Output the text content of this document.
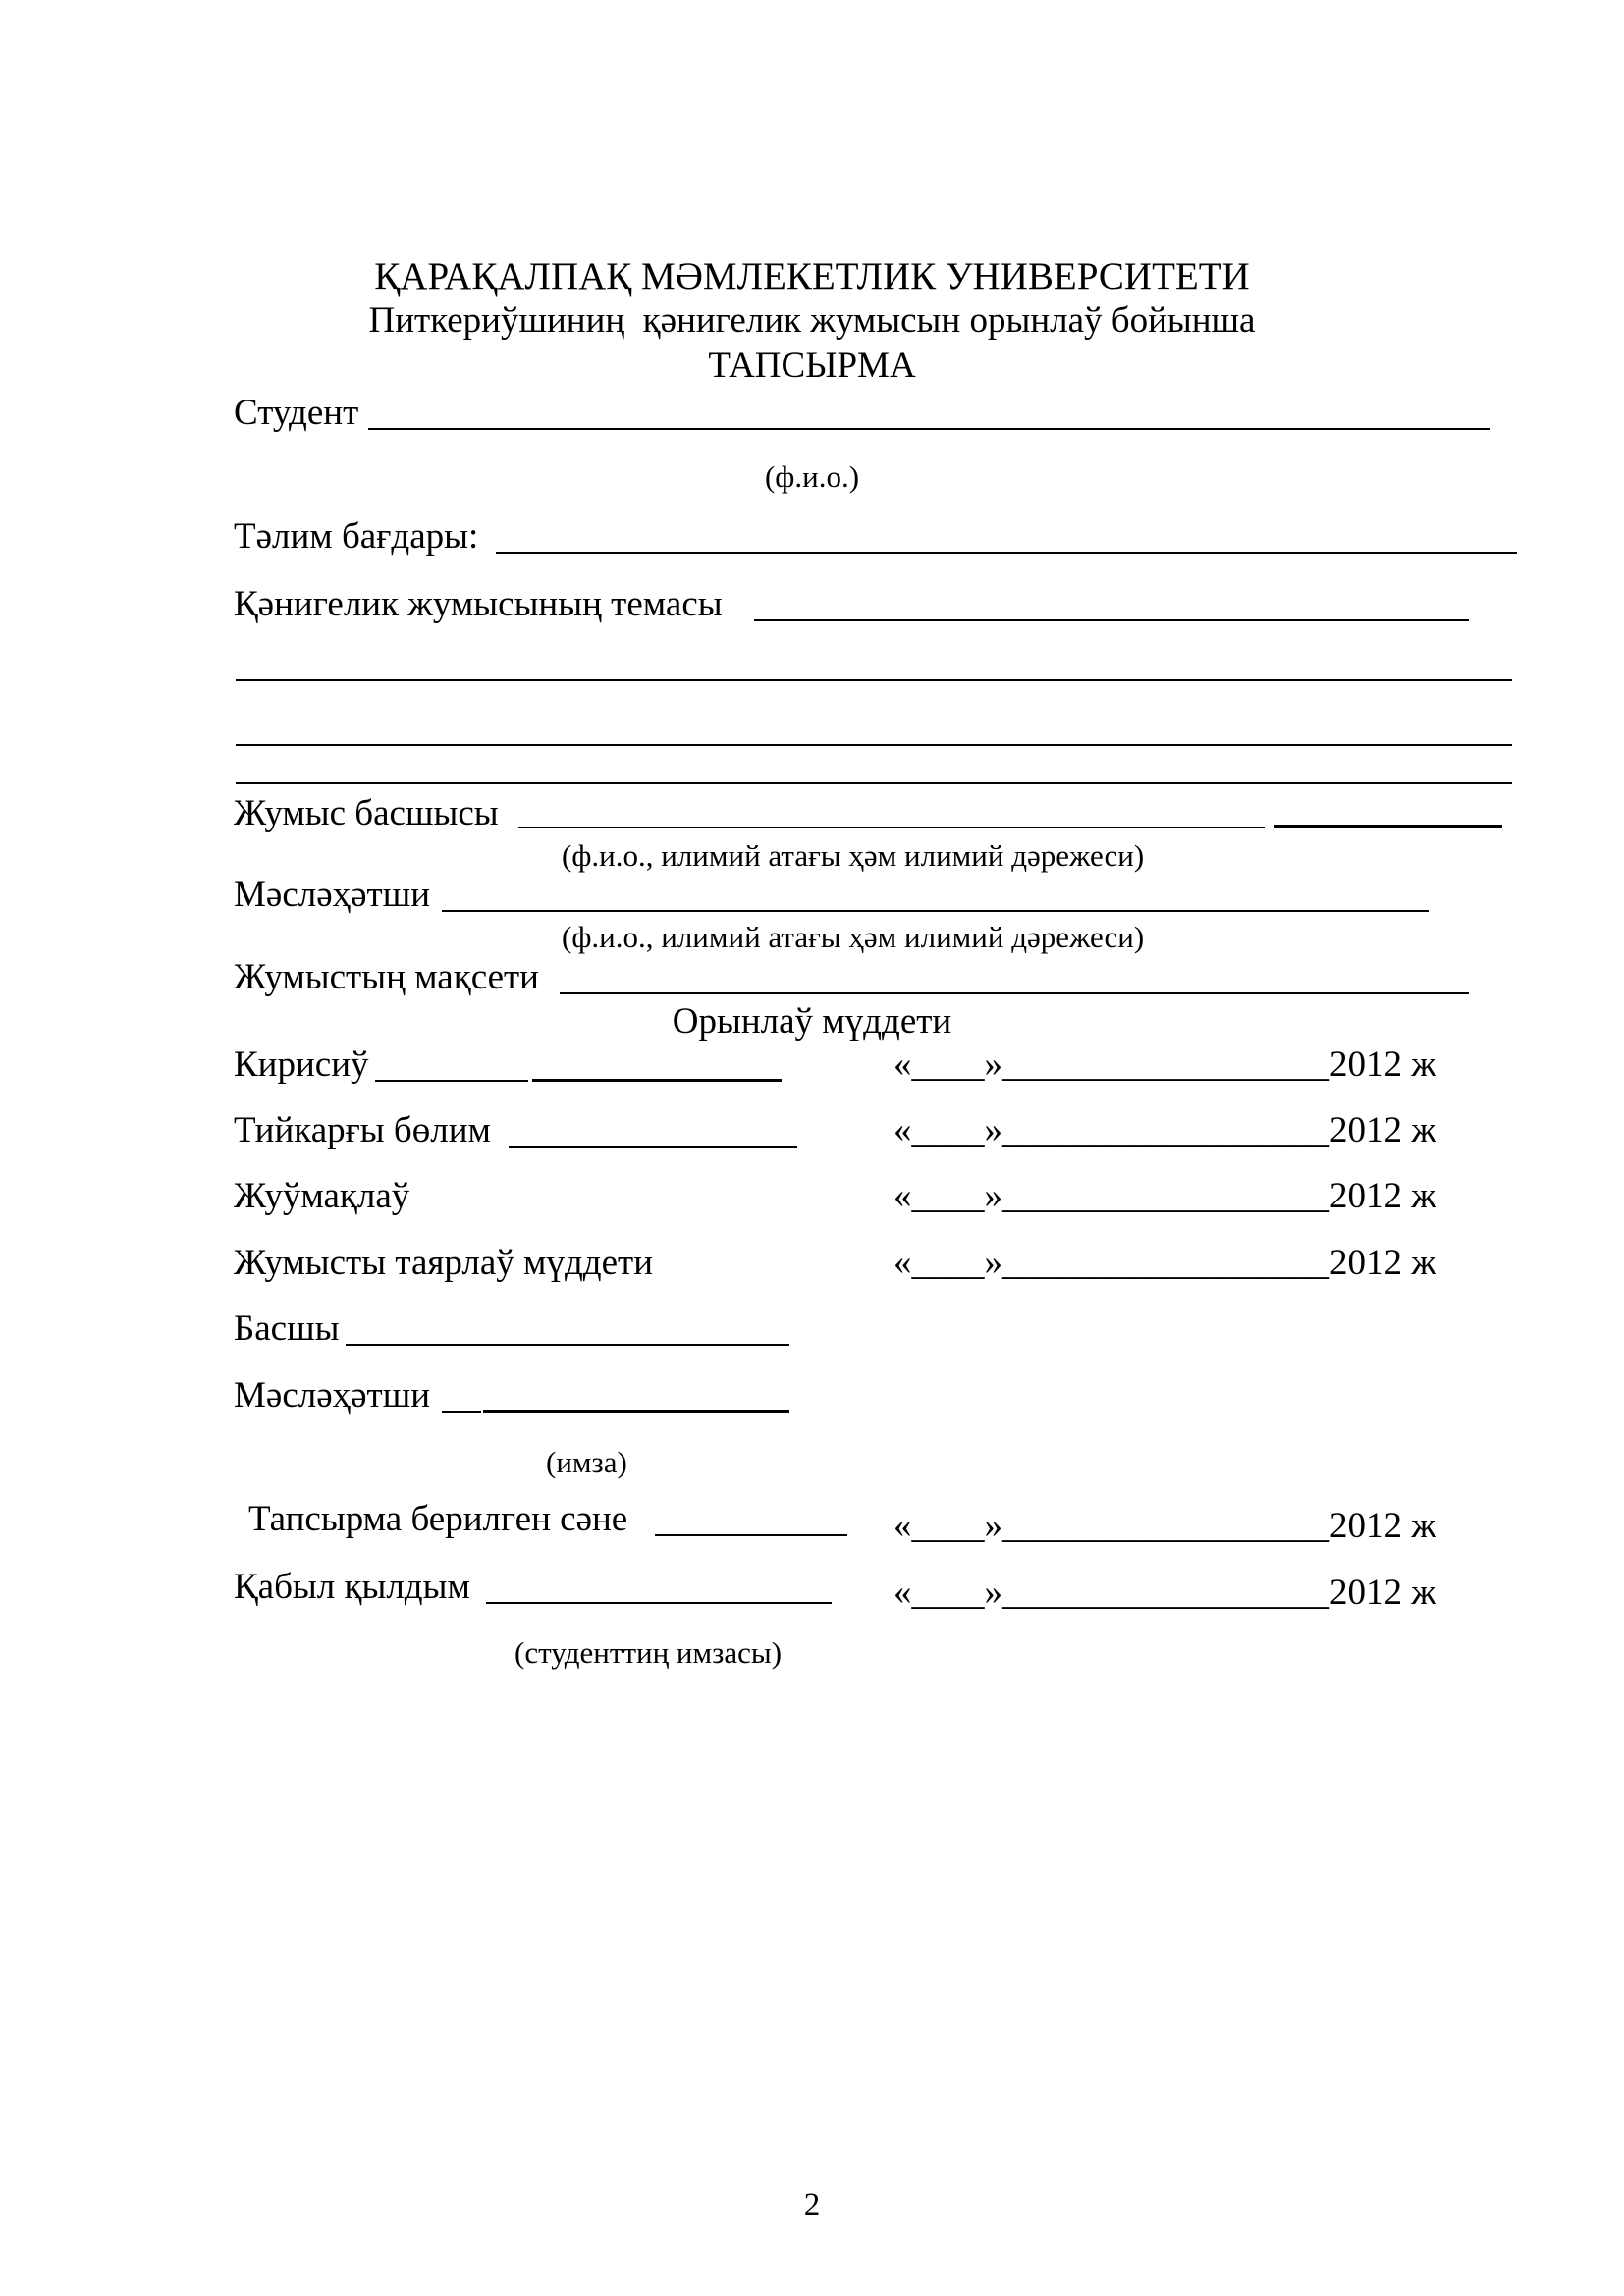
ҚАРАҚАЛПАҚ МӘМЛЕКЕТЛИК УНИВЕРСИТЕТИ
Питкериўшиниң  қәнигелик жумысын орынлаў бойынша
ТАПСЫРМА
Студент
(ф.и.о.)
Тәлим бағдары:
Қәнигелик жумысының темасы
Жумыс басшысы
(ф.и.о., илимий атағы ҳәм илимий дәрежеси)
Мәсләҳәтши
(ф.и.о., илимий атағы ҳәм илимий дәрежеси)
Жумыстың мақсети
Орынлаў мүддети
Кирисиў	«____»__________________2012 ж
Тийкарғы бөлим	«____»__________________2012 ж
Жуўмақлаў	«____»__________________2012 ж
Жумысты таярлаў мүддети	«____»__________________2012 ж
Басшы
Мәсләҳәтши
(имза)
Тапсырма берилген сәне	«____»__________________2012 ж
Қабыл қылдым	«____»__________________2012 ж
(студенттиң имзасы)
2
